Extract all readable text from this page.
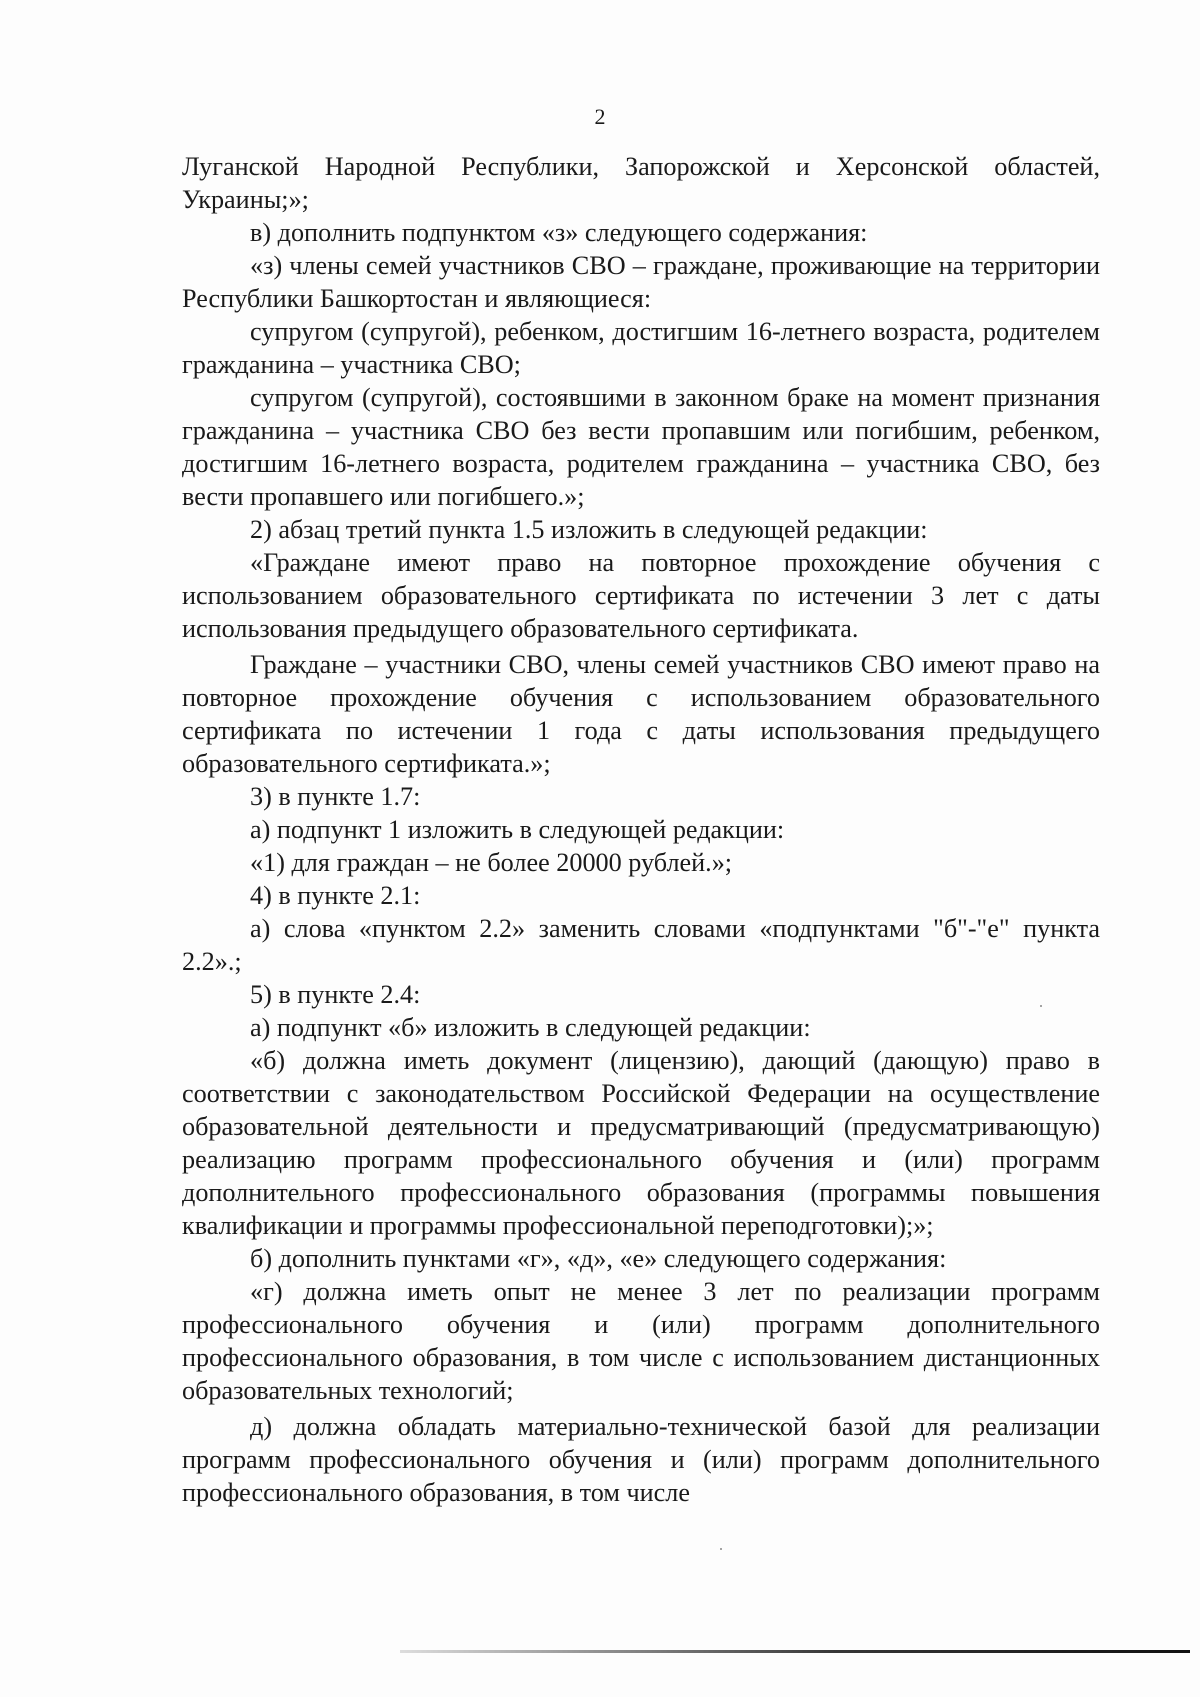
2

Луганской Народной Республики, Запорожской и Херсонской областей, Украины;»;

в) дополнить подпунктом «з» следующего содержания:

«з) члены семей участников СВО – граждане, проживающие на территории Республики Башкортостан и являющиеся:

супругом (супругой), ребенком, достигшим 16-летнего возраста, родителем гражданина – участника СВО;

супругом (супругой), состоявшими в законном браке на момент признания гражданина – участника СВО без вести пропавшим или погибшим, ребенком, достигшим 16-летнего возраста, родителем гражданина – участника СВО, без вести пропавшего или погибшего.»;

2) абзац третий пункта 1.5 изложить в следующей редакции:

«Граждане имеют право на повторное прохождение обучения с использованием образовательного сертификата по истечении 3 лет с даты использования предыдущего образовательного сертификата.

Граждане – участники СВО, члены семей участников СВО имеют право на повторное прохождение обучения с использованием образовательного сертификата по истечении 1 года с даты использования предыдущего образовательного сертификата.»;

3) в пункте 1.7:

а) подпункт 1 изложить в следующей редакции:

«1) для граждан – не более 20000 рублей.»;

4) в пункте 2.1:

а) слова «пунктом 2.2» заменить словами «подпунктами "б"-"е" пункта 2.2».;

5) в пункте 2.4:

а) подпункт «б» изложить в следующей редакции:

«б) должна иметь документ (лицензию), дающий (дающую) право в соответствии с законодательством Российской Федерации на осуществление образовательной деятельности и предусматривающий (предусматривающую) реализацию программ профессионального обучения и (или) программ дополнительного профессионального образования (программы повышения квалификации и программы профессиональной переподготовки);»;

б) дополнить пунктами «г», «д», «е» следующего содержания:

«г) должна иметь опыт не менее 3 лет по реализации программ профессионального обучения и (или) программ дополнительного профессионального образования, в том числе с использованием дистанционных образовательных технологий;

д) должна обладать материально-технической базой для реализации программ профессионального обучения и (или) программ дополнительного профессионального образования, в том числе
